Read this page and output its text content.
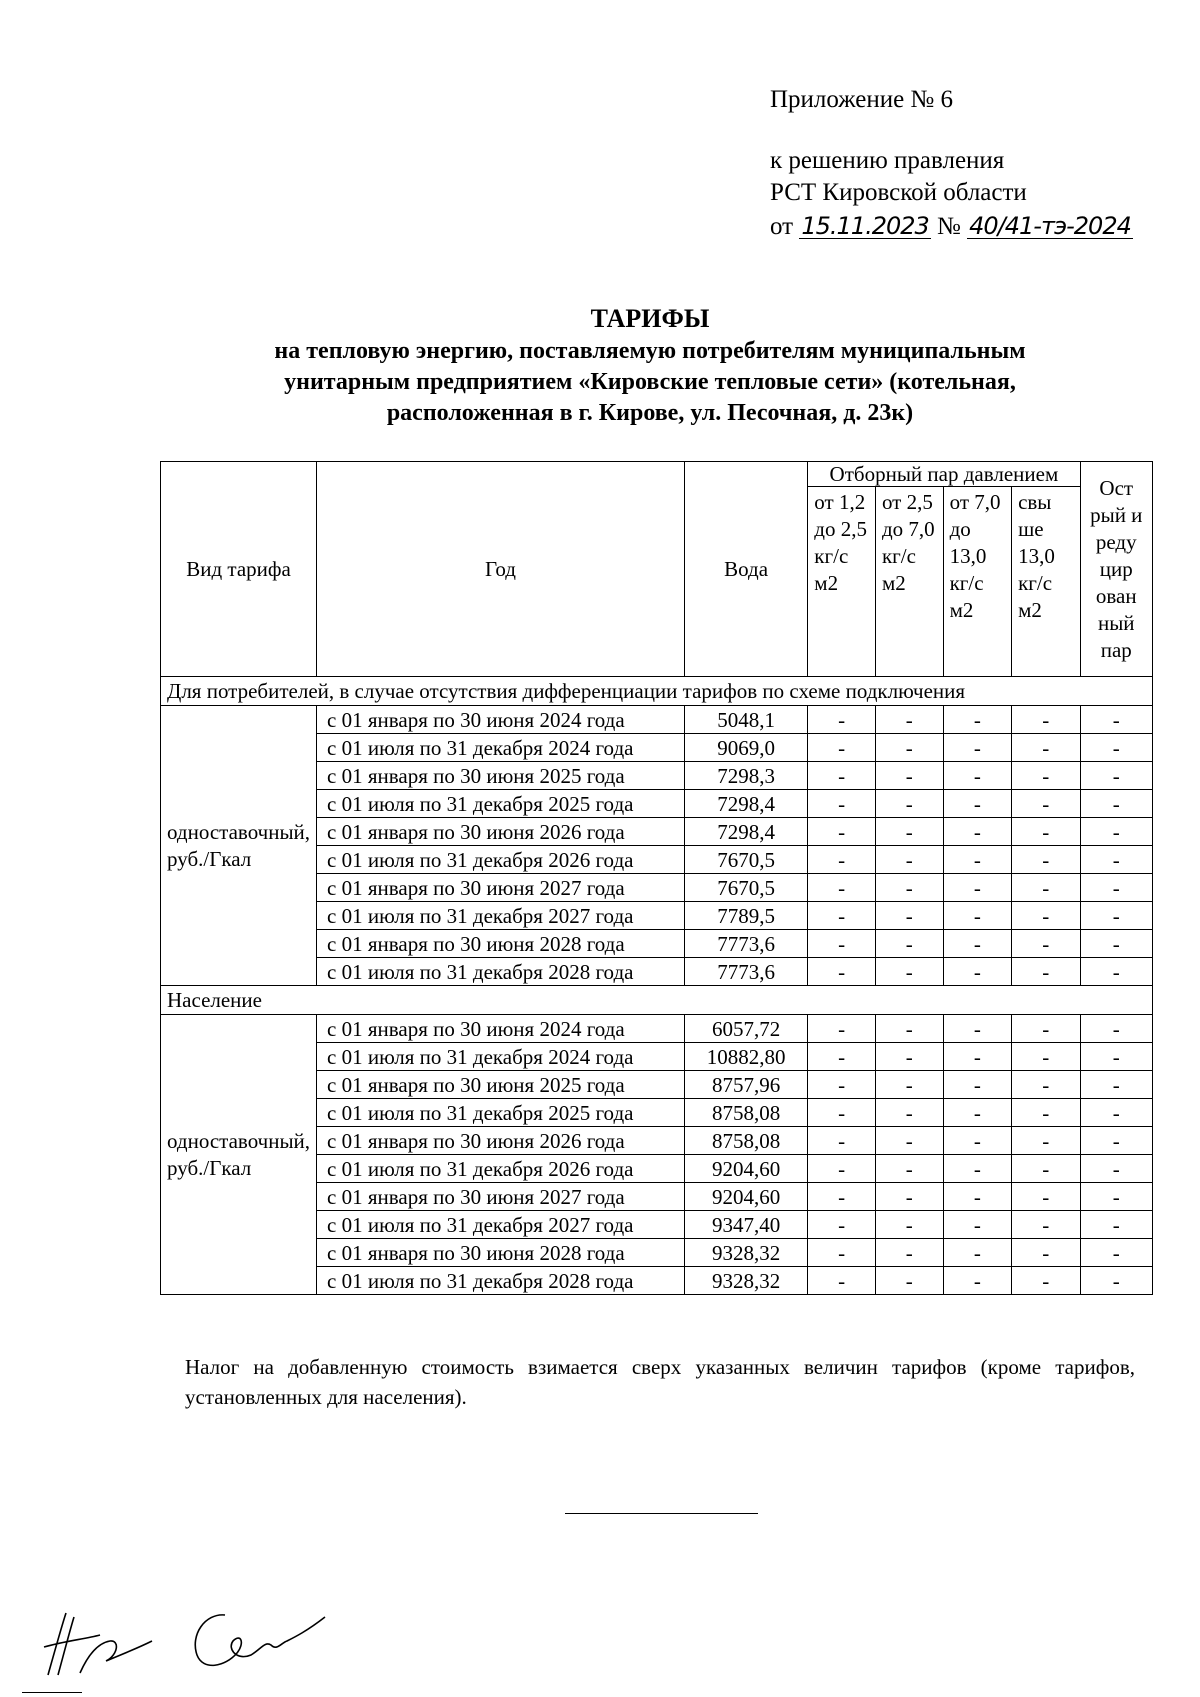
Приложение № 6
к решению правления
РСТ Кировской области
от 15.11.2023 № 40/41-тэ-2024
ТАРИФЫ
на тепловую энергию, поставляемую потребителям муниципальным
унитарным предприятием «Кировские тепловые сети» (котельная,
расположенная в г. Кирове, ул. Песочная, д. 23к)
Вид тарифа	Год	Вода	Отборный пар давлением				Ост рый и реду цир ован ный пар
			от 1,2 до 2,5 кг/с м2	от 2,5 до 7,0 кг/с м2	от 7,0 до 13,0 кг/с м2	свы ше 13,0 кг/с м2	
Для потребителей, в случае отсутствия дифференциации тарифов по схеме подключения							
одноставочный, руб./Гкал	с 01 января по 30 июня 2024 года	5048,1	-	-	-	-	-
	с 01 июля по 31 декабря 2024 года	9069,0	-	-	-	-	-
	с 01 января по 30 июня 2025 года	7298,3	-	-	-	-	-
	с 01 июля по 31 декабря 2025 года	7298,4	-	-	-	-	-
	с 01 января по 30 июня 2026 года	7298,4	-	-	-	-	-
	с 01 июля по 31 декабря 2026 года	7670,5	-	-	-	-	-
	с 01 января по 30 июня 2027 года	7670,5	-	-	-	-	-
	с 01 июля по 31 декабря 2027 года	7789,5	-	-	-	-	-
	с 01 января по 30 июня 2028 года	7773,6	-	-	-	-	-
	с 01 июля по 31 декабря 2028 года	7773,6	-	-	-	-	-
Население							
одноставочный, руб./Гкал	с 01 января по 30 июня 2024 года	6057,72	-	-	-	-	-
	с 01 июля по 31 декабря 2024 года	10882,80	-	-	-	-	-
	с 01 января по 30 июня 2025 года	8757,96	-	-	-	-	-
	с 01 июля по 31 декабря 2025 года	8758,08	-	-	-	-	-
	с 01 января по 30 июня 2026 года	8758,08	-	-	-	-	-
	с 01 июля по 31 декабря 2026 года	9204,60	-	-	-	-	-
	с 01 января по 30 июня 2027 года	9204,60	-	-	-	-	-
	с 01 июля по 31 декабря 2027 года	9347,40	-	-	-	-	-
	с 01 января по 30 июня 2028 года	9328,32	-	-	-	-	-
	с 01 июля по 31 декабря 2028 года	9328,32	-	-	-	-	-
Налог на добавленную стоимость взимается сверх указанных величин тарифов (кроме тарифов, установленных для населения).
